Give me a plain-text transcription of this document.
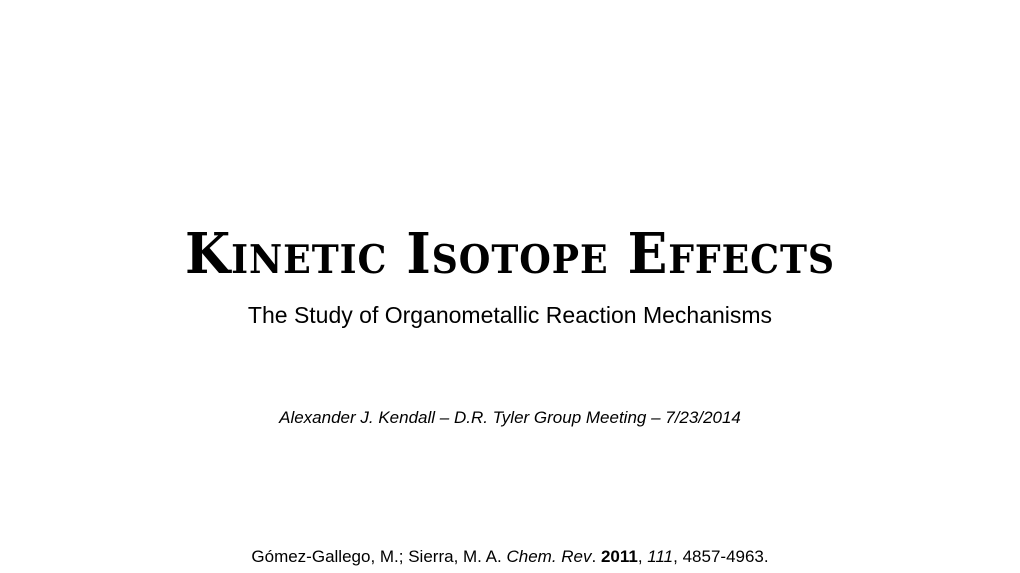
Kinetic Isotope Effects
The Study of Organometallic Reaction Mechanisms
Alexander J. Kendall – D.R. Tyler Group Meeting – 7/23/2014
Gómez-Gallego, M.; Sierra, M. A. Chem. Rev. 2011, 111, 4857-4963.
